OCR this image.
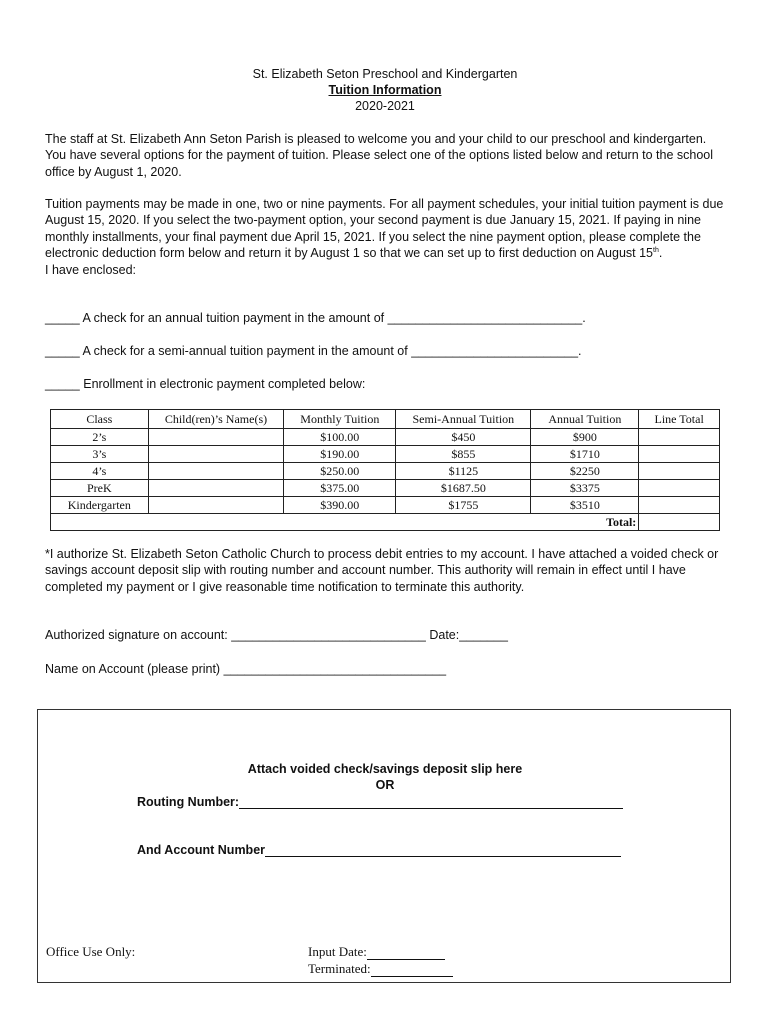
St. Elizabeth Seton Preschool and Kindergarten
Tuition Information
2020-2021

The staff at St. Elizabeth Ann Seton Parish is pleased to welcome you and your child to our preschool and kindergarten. You have several options for the payment of tuition. Please select one of the options listed below and return to the school office by August 1, 2020.

Tuition payments may be made in one, two or nine payments. For all payment schedules, your initial tuition payment is due August 15, 2020. If you select the two-payment option, your second payment is due January 15, 2021. If paying in nine monthly installments, your final payment due April 15, 2021. If you select the nine payment option, please complete the electronic deduction form below and return it by August 1 so that we can set up to first deduction on August 15th.

I have enclosed:

_____ A check for an annual tuition payment in the amount of ____________________________.
_____ A check for a semi-annual tuition payment in the amount of ________________________.
_____ Enrollment in electronic payment completed below:
Class	Child(ren)’s Name(s)	Monthly Tuition	Semi-Annual Tuition	Annual Tuition	Line Total
2’s		$100.00	$450	$900	
3’s		$190.00	$855	$1710	
4’s		$250.00	$1125	$2250	
PreK		$375.00	$1687.50	$3375	
Kindergarten		$390.00	$1755	$3510	
Total:					

*I authorize St. Elizabeth Seton Catholic Church to process debit entries to my account. I have attached a voided check or savings account deposit slip with routing number and account number. This authority will remain in effect until I have completed my payment or I give reasonable time notification to terminate this authority.

Authorized signature on account: ____________________________ Date:_______
Name on Account (please print) ________________________________
Attach voided check/savings deposit slip here
OR
Routing Number:
And Account Number
Office Use Only:	Input Date:
Terminated:
